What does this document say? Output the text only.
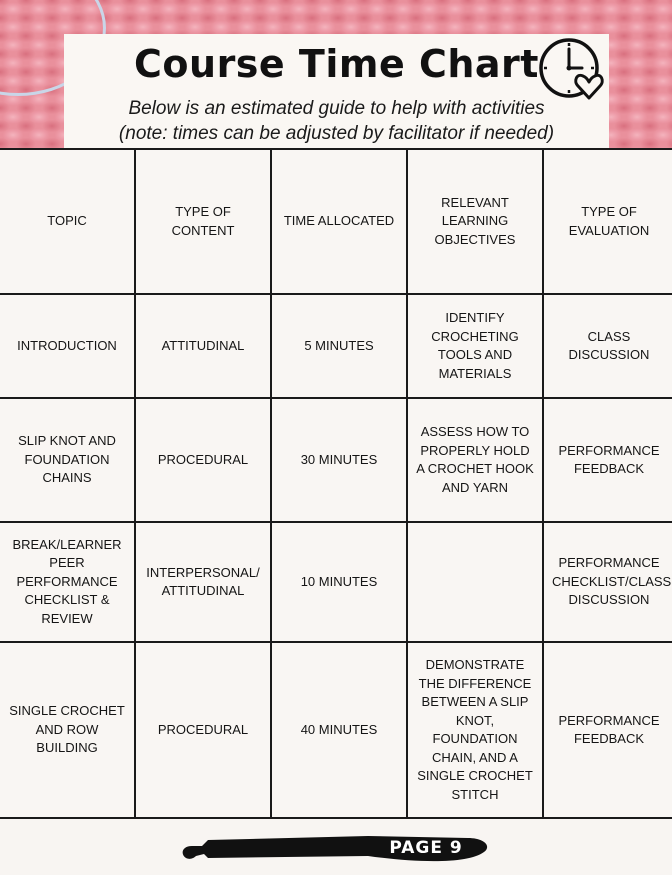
Course Time Chart
Below is an estimated guide to help with activities
(note: times can be adjusted by facilitator if needed)
TOPIC	TYPE OF CONTENT	TIME ALLOCATED	RELEVANT LEARNING OBJECTIVES	TYPE OF EVALUATION
INTRODUCTION	ATTITUDINAL	5 MINUTES	IDENTIFY CROCHETING TOOLS AND MATERIALS	CLASS DISCUSSION
SLIP KNOT AND FOUNDATION CHAINS	PROCEDURAL	30 MINUTES	ASSESS HOW TO PROPERLY HOLD A CROCHET HOOK AND YARN	PERFORMANCE FEEDBACK
BREAK/LEARNER PEER PERFORMANCE CHECKLIST & REVIEW	INTERPERSONAL/ ATTITUDINAL	10 MINUTES		PERFORMANCE CHECKLIST/CLASS DISCUSSION
SINGLE CROCHET AND ROW BUILDING	PROCEDURAL	40 MINUTES	DEMONSTRATE THE DIFFERENCE BETWEEN A SLIP KNOT, FOUNDATION CHAIN, AND A SINGLE CROCHET STITCH	PERFORMANCE FEEDBACK
PAGE 9
